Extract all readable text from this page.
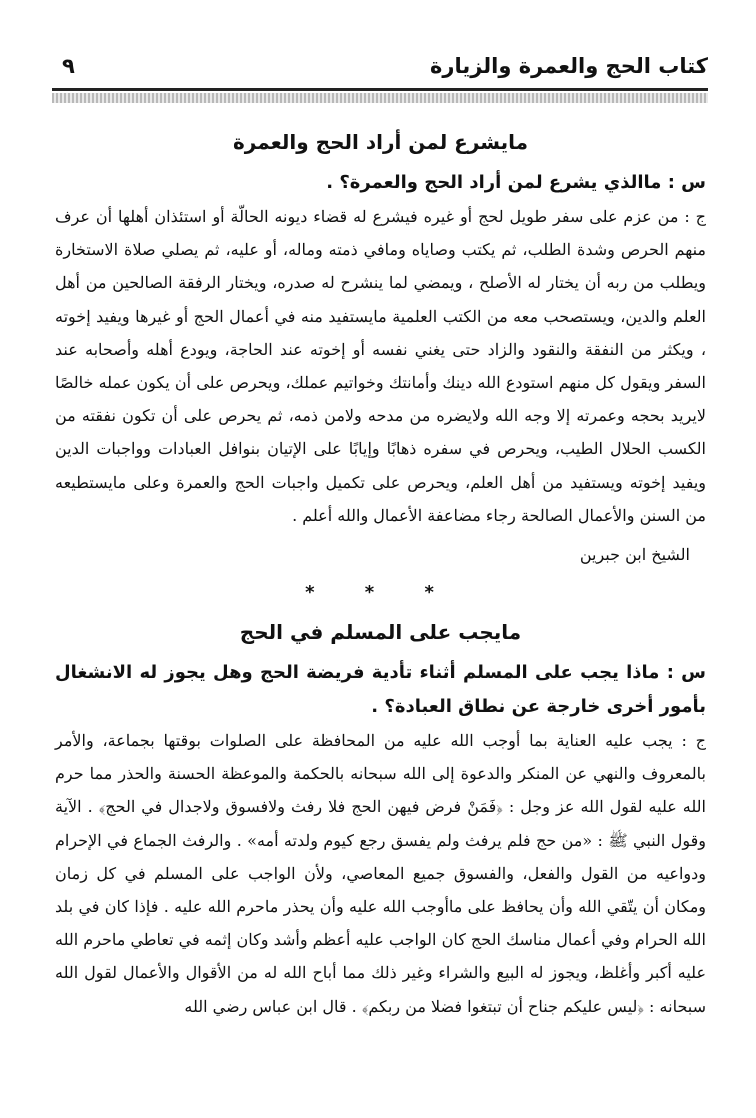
كتاب الحج والعمرة والزيارة
٩
مايشرع لمن أراد الحج والعمرة

س : ماالذي يشرع لمن أراد الحج والعمرة؟ .

ج : من عزم على سفر طويل لحج أو غيره فيشرع له قضاء ديونه الحالّة أو استئذان أهلها أن عرف منهم الحرص وشدة الطلب، ثم يكتب وصاياه ومافي ذمته وماله، أو عليه، ثم يصلي صلاة الاستخارة ويطلب من ربه أن يختار له الأصلح ، ويمضي لما ينشرح له صدره، ويختار الرفقة الصالحين من أهل العلم والدين، ويستصحب معه من الكتب العلمية مايستفيد منه في أعمال الحج أو غيرها ويفيد إخوته ، ويكثر من النفقة والنقود والزاد حتى يغني نفسه أو إخوته عند الحاجة، ويودع أهله وأصحابه عند السفر ويقول كل منهم استودع الله دينك وأمانتك وخواتيم عملك، ويحرص على أن يكون عمله خالصًا لايريد بحجه وعمرته إلا وجه الله ولايضره من مدحه ولامن ذمه، ثم يحرص على أن تكون نفقته من الكسب الحلال الطيب، ويحرص في سفره ذهابًا وإيابًا على الإتيان بنوافل العبادات وواجبات الدين ويفيد إخوته ويستفيد من أهل العلم، ويحرص على تكميل واجبات الحج والعمرة وعلى مايستطيعه من السنن والأعمال الصالحة رجاء مضاعفة الأعمال والله أعلم .

الشيخ ابن جبرين

* * *
مايجب على المسلم في الحج

س : ماذا يجب على المسلم أثناء تأدية فريضة الحج وهل يجوز له الانشغال بأمور أخرى خارجة عن نطاق العبادة؟ .

ج : يجب عليه العناية بما أوجب الله عليه من المحافظة على الصلوات بوقتها بجماعة، والأمر بالمعروف والنهي عن المنكر والدعوة إلى الله سبحانه بالحكمة والموعظة الحسنة والحذر مما حرم الله عليه لقول الله عز وجل : ﴿فَمَنْ فرض فيهن الحج فلا رفث ولافسوق ولاجدال في الحج﴾ . الآية وقول النبي ﷺ : «من حج فلم يرفث ولم يفسق رجع كيوم ولدته أمه» . والرفث الجماع في الإحرام ودواعيه من القول والفعل، والفسوق جميع المعاصي، ولأن الواجب على المسلم في كل زمان ومكان أن يتّقي الله وأن يحافظ على ماأوجب الله عليه وأن يحذر ماحرم الله عليه . فإذا كان في بلد الله الحرام وفي أعمال مناسك الحج كان الواجب عليه أعظم وأشد وكان إثمه في تعاطي ماحرم الله عليه أكبر وأغلظ، ويجوز له البيع والشراء وغير ذلك مما أباح الله له من الأقوال والأعمال لقول الله سبحانه : ﴿ليس عليكم جناح أن تبتغوا فضلا من ربكم﴾ . قال ابن عباس رضي الله
